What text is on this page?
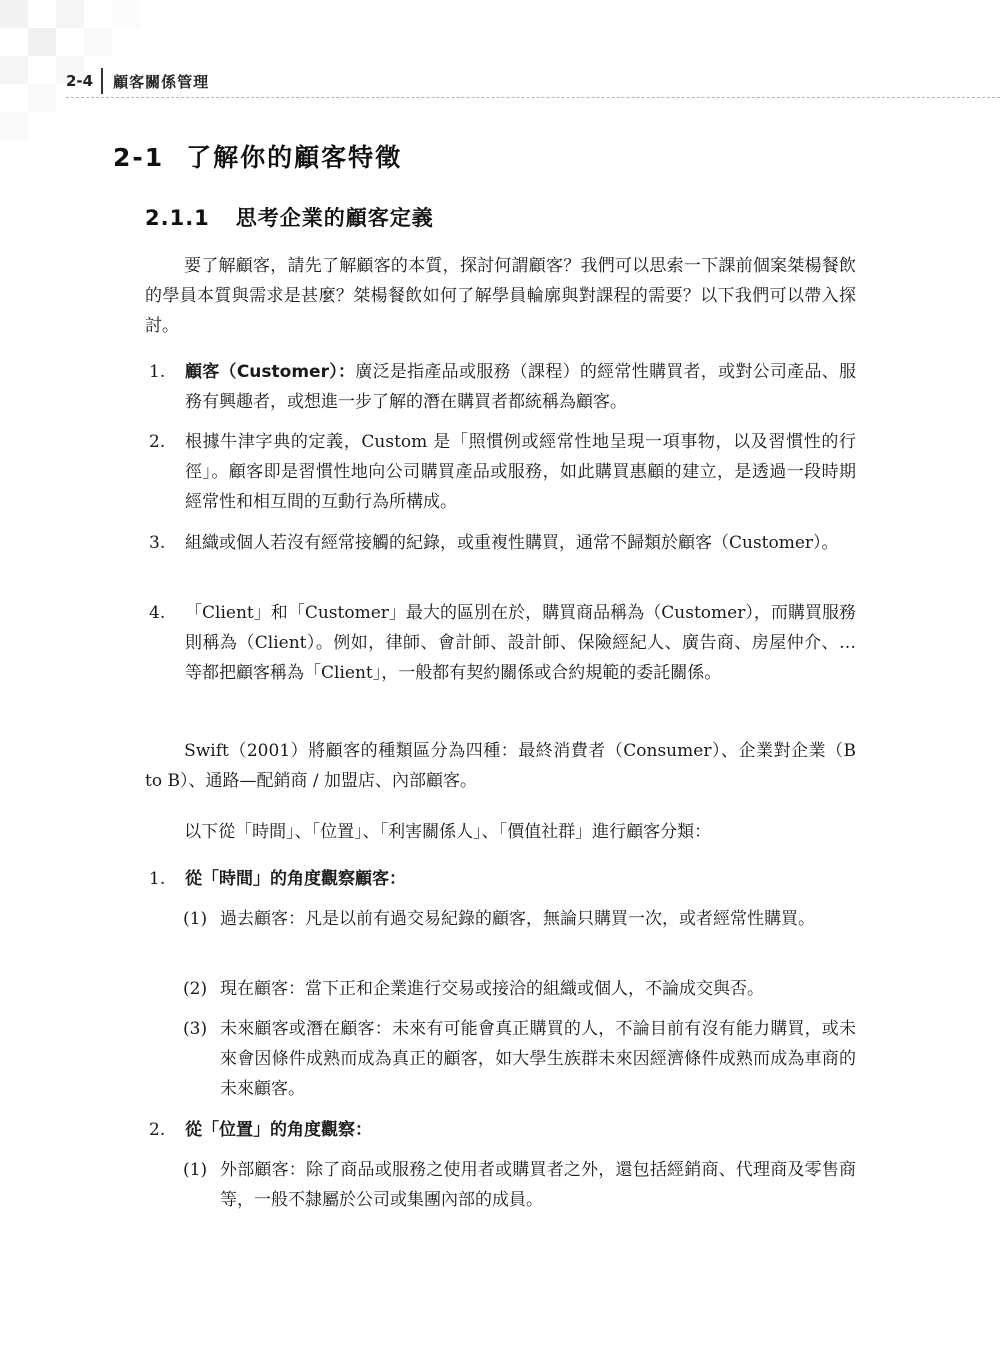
2-4 顧客關係管理
2-1 了解你的顧客特徵
2.1.1 思考企業的顧客定義

要了解顧客，請先了解顧客的本質，探討何謂顧客？我們可以思索一下課前個案桀楊餐飲的學員本質與需求是甚麼？桀楊餐飲如何了解學員輪廓與對課程的需要？以下我們可以帶入探討。

1. 顧客（Customer）：廣泛是指產品或服務（課程）的經常性購買者，或對公司產品、服務有興趣者，或想進一步了解的潛在購買者都統稱為顧客。
2. 根據牛津字典的定義，Custom 是「照慣例或經常性地呈現一項事物，以及習慣性的行徑」。顧客即是習慣性地向公司購買產品或服務，如此購買惠顧的建立，是透過一段時期經常性和相互間的互動行為所構成。
3. 組織或個人若沒有經常接觸的紀錄，或重複性購買，通常不歸類於顧客（Customer）。
4. 「Client」和「Customer」最大的區別在於，購買商品稱為（Customer），而購買服務則稱為（Client）。例如，律師、會計師、設計師、保險經紀人、廣告商、房屋仲介、…等都把顧客稱為「Client」，一般都有契約關係或合約規範的委託關係。

Swift（2001）將顧客的種類區分為四種：最終消費者（Consumer）、企業對企業（B to B）、通路—配銷商 / 加盟店、內部顧客。

以下從「時間」、「位置」、「利害關係人」、「價值社群」進行顧客分類：

1. 從「時間」的角度觀察顧客：
(1) 過去顧客：凡是以前有過交易紀錄的顧客，無論只購買一次，或者經常性購買。
(2) 現在顧客：當下正和企業進行交易或接洽的組織或個人，不論成交與否。
(3) 未來顧客或潛在顧客：未來有可能會真正購買的人，不論目前有沒有能力購買，或未來會因條件成熟而成為真正的顧客，如大學生族群未來因經濟條件成熟而成為車商的未來顧客。
2. 從「位置」的角度觀察：
(1) 外部顧客：除了商品或服務之使用者或購買者之外，還包括經銷商、代理商及零售商等，一般不隸屬於公司或集團內部的成員。
